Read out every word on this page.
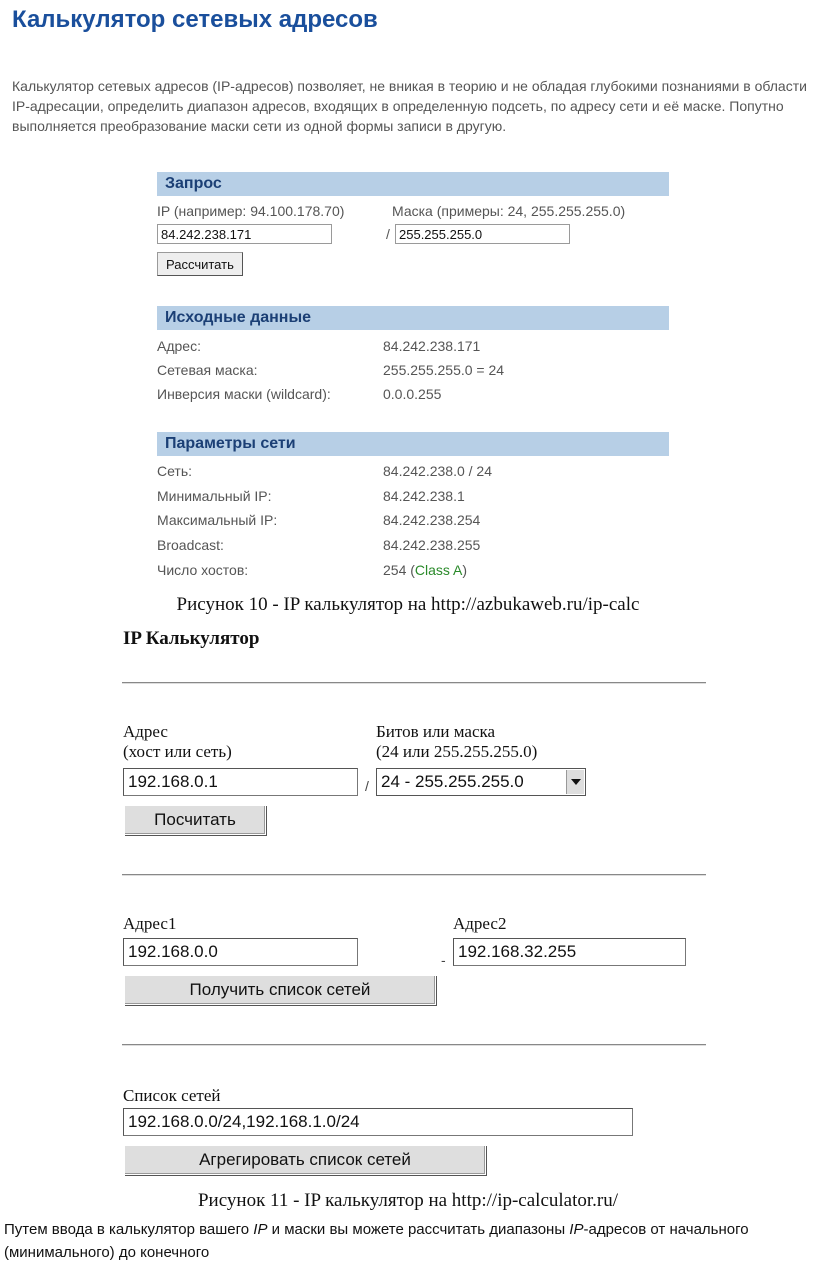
Калькулятор сетевых адресов
Калькулятор сетевых адресов (IP-адресов) позволяет, не вникая в теорию и не обладая глубокими познаниями в области IP-адресации, определить диапазон адресов, входящих в определенную подсеть, по адресу сети и её маске. Попутно выполняется преобразование маски сети из одной формы записи в другую.
Запрос
IP (например: 94.100.178.70)	Маска (примеры: 24, 255.255.255.0)
84.242.238.171
/
255.255.255.0
Рассчитать
Исходные данные
Адрес:	84.242.238.171
Сетевая маска:	255.255.255.0 = 24
Инверсия маски (wildcard):	0.0.0.255
Параметры сети
Сеть:	84.242.238.0 / 24
Минимальный IP:	84.242.238.1
Максимальный IP:	84.242.238.254
Broadcast:	84.242.238.255
Число хостов:	254 (Class A)
Рисунок 10 - IP калькулятор на http://azbukaweb.ru/ip-calc
IP Калькулятор
Адрес
(хост или сеть)
Битов или маска
(24 или 255.255.255.0)
192.168.0.1
/ 24 - 255.255.255.0
Посчитать
Адрес1	Адрес2
192.168.0.0
-
192.168.32.255
Получить список сетей
Список сетей
192.168.0.0/24,192.168.1.0/24
Агрегировать список сетей
Рисунок 11 - IP калькулятор на http://ip-calculator.ru/
Путем ввода в калькулятор вашего IP и маски вы можете рассчитать диапазоны IP-адресов от начального (минимального) до конечного
